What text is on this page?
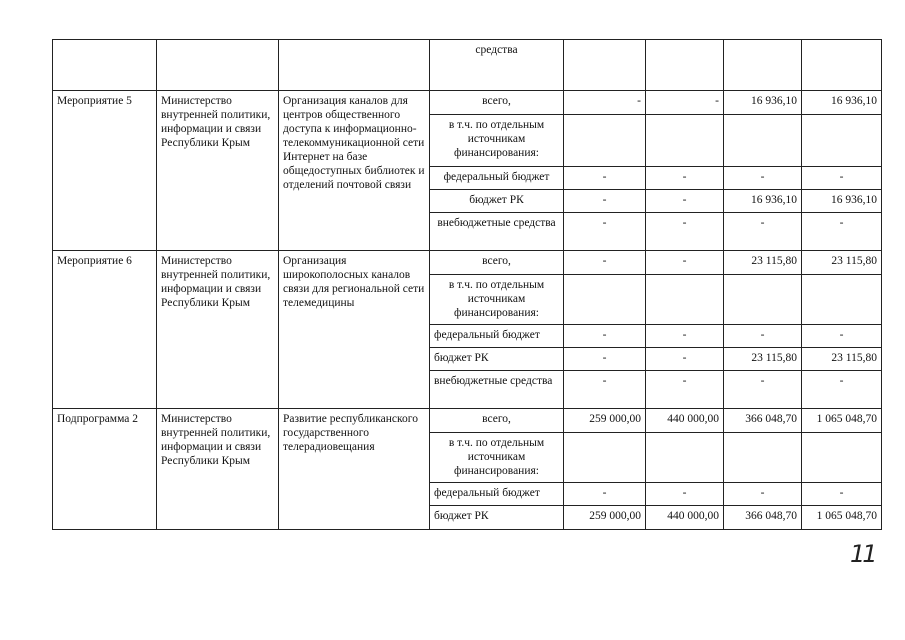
			средства				
Мероприятие 5	Министерство внутренней политики, информации и связи Республики Крым	Организация каналов для центров общественного доступа к информационно-телекоммуникационной сети Интернет на базе общедоступных библиотек и отделений почтовой связи	всего,	-	-	16 936,10	16 936,10
			в т.ч. по отдельным источникам финансирования:				
			федеральный бюджет	-	-	-	-
			бюджет РК	-	-	16 936,10	16 936,10
			внебюджетные средства	-	-	-	-
Мероприятие 6	Министерство внутренней политики, информации и связи Республики Крым	Организация широкополосных каналов связи для региональной сети телемедицины	всего,	-	-	23 115,80	23 115,80
			в т.ч. по отдельным источникам финансирования:				
			федеральный бюджет	-	-	-	-
			бюджет РК	-	-	23 115,80	23 115,80
			внебюджетные средства	-	-	-	-
Подпрограмма 2	Министерство внутренней политики, информации и связи Республики Крым	Развитие республиканского государственного телерадиовещания	всего,	259 000,00	440 000,00	366 048,70	1 065 048,70
			в т.ч. по отдельным источникам финансирования:				
			федеральный бюджет	-	-	-	-
			бюджет РК	259 000,00	440 000,00	366 048,70	1 065 048,70
11
